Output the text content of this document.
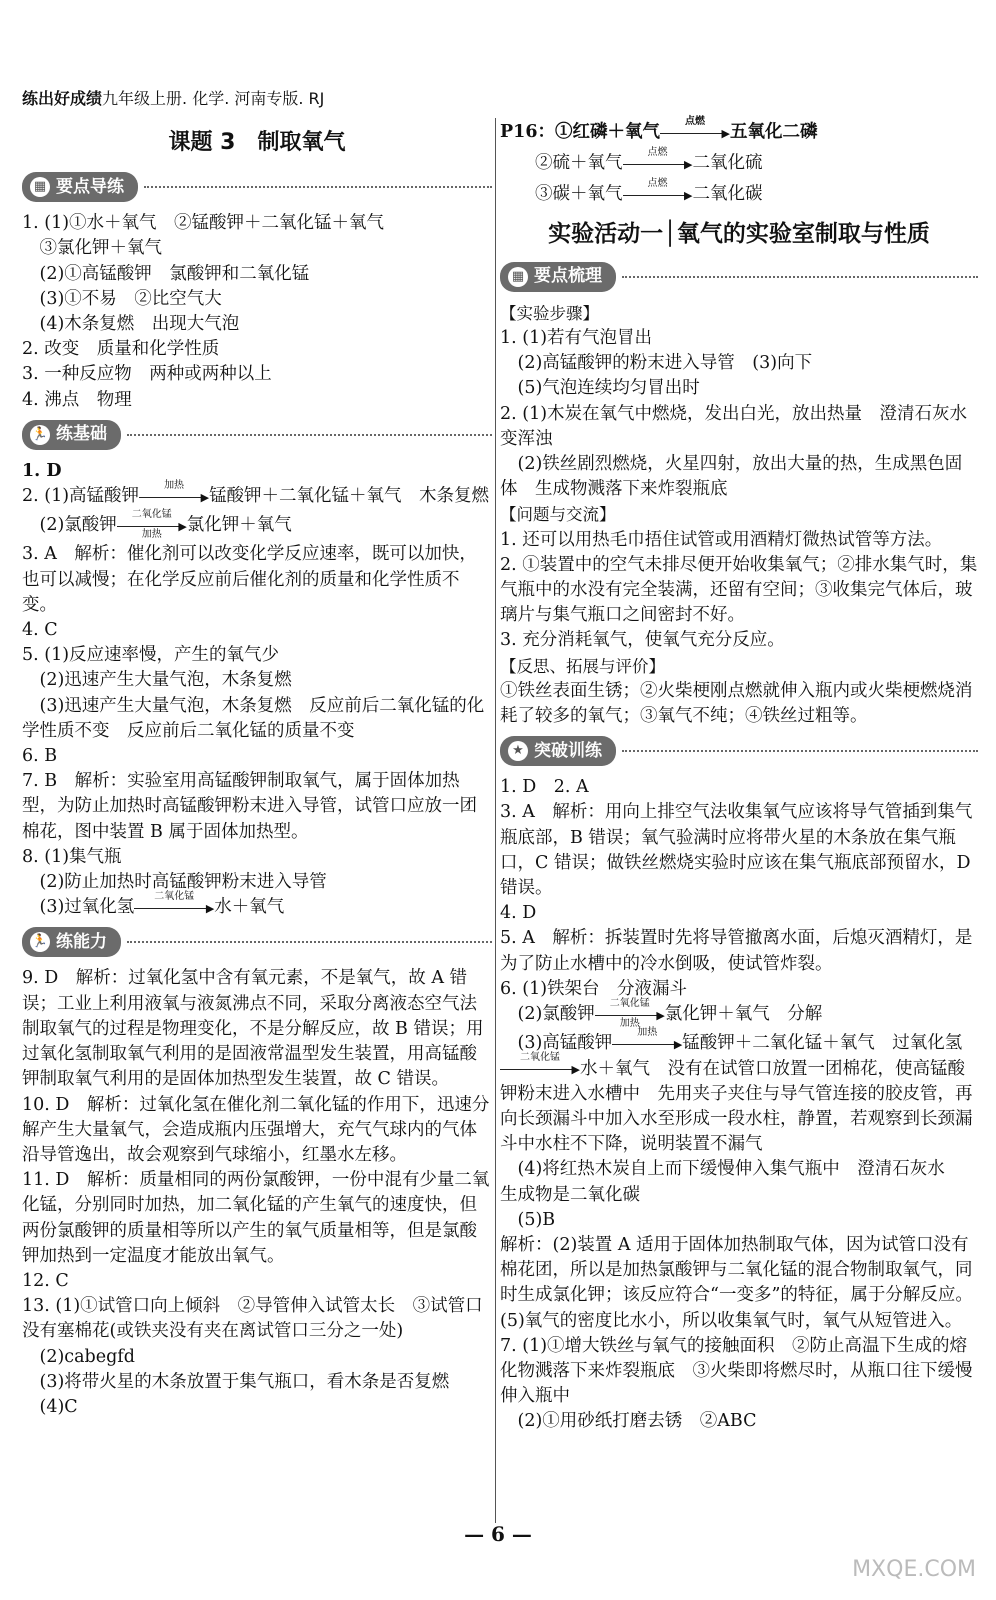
练出好成绩九年级上册. 化学. 河南专版. RJ
课题 3　制取氧气
▦ 要点导练

1. (1)①水＋氧气　②锰酸钾＋二氧化锰＋氧气

　③氯化钾＋氧气

　(2)①高锰酸钾　氯酸钾和二氧化锰

　(3)①不易　②比空气大

　(4)木条复燃　出现大气泡

2. 改变　质量和化学性质

3. 一种反应物　两种或两种以上

4. 沸点　物理

🏃 练基础

1. D

2. (1)高锰酸钾
加热
▶ 锰酸钾＋二氧化锰＋氧气　木条复燃

　(2)氯酸钾
二氧化锰
▶
加热	氯化钾＋氧气

3. A　解析：催化剂可以改变化学反应速率，既可以加快，也可以减慢；在化学反应前后催化剂的质量和化学性质不变。

4. C

5. (1)反应速率慢，产生的氧气少

　(2)迅速产生大量气泡，木条复燃

　(3)迅速产生大量气泡，木条复燃　反应前后二氧化锰的化学性质不变　反应前后二氧化锰的质量不变

6. B

7. B　解析：实验室用高锰酸钾制取氧气，属于固体加热型，为防止加热时高锰酸钾粉末进入导管，试管口应放一团棉花，图中装置 B 属于固体加热型。

8. (1)集气瓶

　(2)防止加热时高锰酸钾粉末进入导管

　(3)过氧化氢
二氧化锰
▶ 水＋氧气

🏃 练能力

9. D　解析：过氧化氢中含有氧元素，不是氧气，故 A 错误；工业上利用液氧与液氮沸点不同，采取分离液态空气法制取氧气的过程是物理变化，不是分解反应，故 B 错误；用过氧化氢制取氧气利用的是固液常温型发生装置，用高锰酸钾制取氧气利用的是固体加热型发生装置，故 C 错误。

10. D　解析：过氧化氢在催化剂二氧化锰的作用下，迅速分解产生大量氧气，会造成瓶内压强增大，充气气球内的气体沿导管逸出，故会观察到气球缩小，红墨水左移。

11. D　解析：质量相同的两份氯酸钾，一份中混有少量二氧化锰，分别同时加热，加二氧化锰的产生氧气的速度快，但两份氯酸钾的质量相等所以产生的氧气质量相等，但是氯酸钾加热到一定温度才能放出氧气。

12. C

13. (1)①试管口向上倾斜　②导管伸入试管太长　③试管口没有塞棉花(或铁夹没有夹在离试管口三分之一处)

　(2)cabegfd

　(3)将带火星的木条放置于集气瓶口，看木条是否复燃

　(4)C

P16：①红磷＋氧气
点燃
▶ 五氧化二磷

　　②硫＋氧气
点燃
▶ 二氧化硫

　　③碳＋氧气
点燃
▶ 二氧化碳

实验活动一│氧气的实验室制取与性质
▦ 要点梳理

【实验步骤】

1. (1)若有气泡冒出

　(2)高锰酸钾的粉末进入导管　(3)向下

　(5)气泡连续均匀冒出时

2. (1)木炭在氧气中燃烧，发出白光，放出热量　澄清石灰水变浑浊

　(2)铁丝剧烈燃烧，火星四射，放出大量的热，生成黑色固体　生成物溅落下来炸裂瓶底

【问题与交流】

1. 还可以用热毛巾捂住试管或用酒精灯微热试管等方法。

2. ①装置中的空气未排尽便开始收集氧气；②排水集气时，集气瓶中的水没有完全装满，还留有空间；③收集完气体后，玻璃片与集气瓶口之间密封不好。

3. 充分消耗氧气，使氧气充分反应。

【反思、拓展与评价】

①铁丝表面生锈；②火柴梗刚点燃就伸入瓶内或火柴梗燃烧消耗了较多的氧气；③氧气不纯；④铁丝过粗等。

★ 突破训练

1. D　2. A

3. A　解析：用向上排空气法收集氧气应该将导气管插到集气瓶底部，B 错误；氧气验满时应将带火星的木条放在集气瓶口，C 错误；做铁丝燃烧实验时应该在集气瓶底部预留水，D 错误。

4. D

5. A　解析：拆装置时先将导管撤离水面，后熄灭酒精灯，是为了防止水槽中的冷水倒吸，使试管炸裂。

6. (1)铁架台　分液漏斗

　(2)氯酸钾
二氧化锰
▶
加热	氯化钾＋氧气　分解

　(3)高锰酸钾
加热
▶ 锰酸钾＋二氧化锰＋氧气　过氧化氢

二氧化锰
▶ 水＋氧气　没有在试管口放置一团棉花，使高锰酸钾粉末进入水槽中　先用夹子夹住与导气管连接的胶皮管，再向长颈漏斗中加入水至形成一段水柱，静置，若观察到长颈漏斗中水柱不下降，说明装置不漏气

　(4)将红热木炭自上而下缓慢伸入集气瓶中　澄清石灰水　生成物是二氧化碳

　(5)B

解析：(2)装置 A 适用于固体加热制取气体，因为试管口没有棉花团，所以是加热氯酸钾与二氧化锰的混合物制取氧气，同时生成氯化钾；该反应符合“一变多”的特征，属于分解反应。(5)氧气的密度比水小，所以收集氧气时，氧气从短管进入。

7. (1)①增大铁丝与氧气的接触面积　②防止高温下生成的熔化物溅落下来炸裂瓶底　③火柴即将燃尽时，从瓶口往下缓慢伸入瓶中

　(2)①用砂纸打磨去锈　②ABC

— 6 —
MXQE.COM
